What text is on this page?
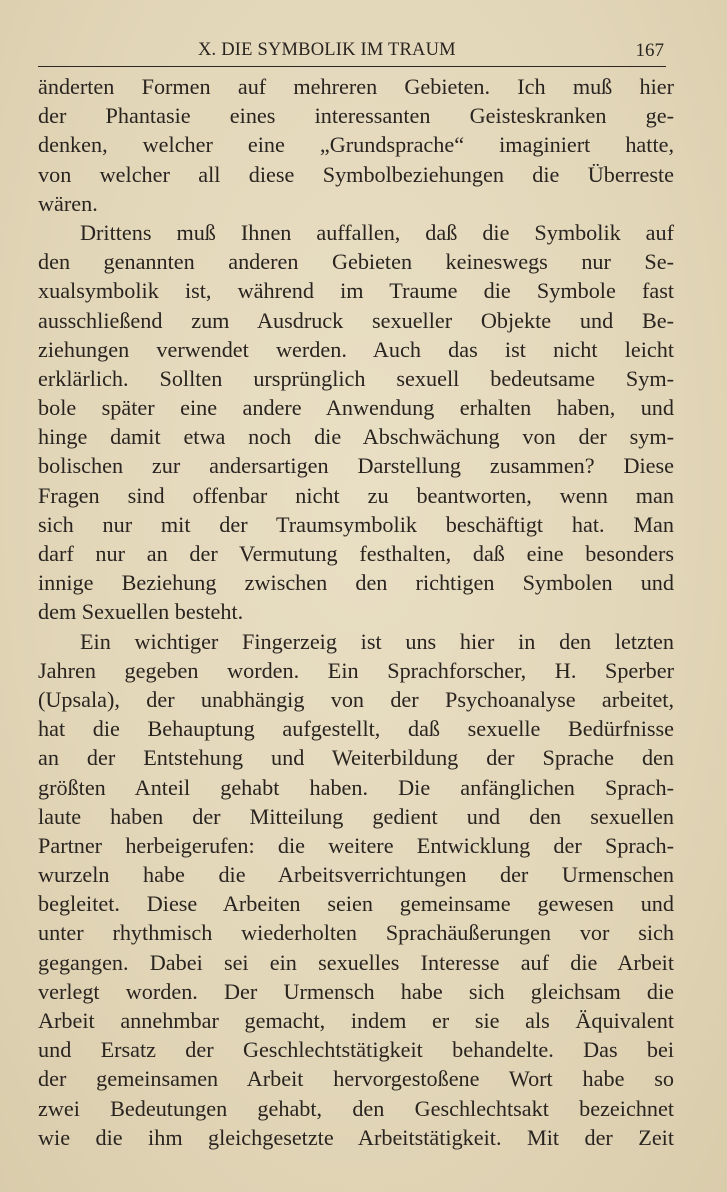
X. DIE SYMBOLIK IM TRAUM	167
änderten Formen auf mehreren Gebieten. Ich muß hier
der Phantasie eines interessanten Geisteskranken ge-
denken, welcher eine „Grundsprache“ imaginiert hatte,
von welcher all diese Symbolbeziehungen die Überreste
wären.
Drittens muß Ihnen auffallen, daß die Symbolik auf
den genannten anderen Gebieten keineswegs nur Se-
xualsymbolik ist, während im Traume die Symbole fast
ausschließend zum Ausdruck sexueller Objekte und Be-
ziehungen verwendet werden. Auch das ist nicht leicht
erklärlich. Sollten ursprünglich sexuell bedeutsame Sym-
bole später eine andere Anwendung erhalten haben, und
hinge damit etwa noch die Abschwächung von der sym-
bolischen zur andersartigen Darstellung zusammen? Diese
Fragen sind offenbar nicht zu beantworten, wenn man
sich nur mit der Traumsymbolik beschäftigt hat. Man
darf nur an der Vermutung festhalten, daß eine besonders
innige Beziehung zwischen den richtigen Symbolen und
dem Sexuellen besteht.
Ein wichtiger Fingerzeig ist uns hier in den letzten
Jahren gegeben worden. Ein Sprachforscher, H. Sperber
(Upsala), der unabhängig von der Psychoanalyse arbeitet,
hat die Behauptung aufgestellt, daß sexuelle Bedürfnisse
an der Entstehung und Weiterbildung der Sprache den
größten Anteil gehabt haben. Die anfänglichen Sprach-
laute haben der Mitteilung gedient und den sexuellen
Partner herbeigerufen: die weitere Entwicklung der Sprach-
wurzeln habe die Arbeitsverrichtungen der Urmenschen
begleitet. Diese Arbeiten seien gemeinsame gewesen und
unter rhythmisch wiederholten Sprachäußerungen vor sich
gegangen. Dabei sei ein sexuelles Interesse auf die Arbeit
verlegt worden. Der Urmensch habe sich gleichsam die
Arbeit annehmbar gemacht, indem er sie als Äquivalent
und Ersatz der Geschlechtstätigkeit behandelte. Das bei
der gemeinsamen Arbeit hervorgestoßene Wort habe so
zwei Bedeutungen gehabt, den Geschlechtsakt bezeichnet
wie die ihm gleichgesetzte Arbeitstätigkeit. Mit der Zeit
